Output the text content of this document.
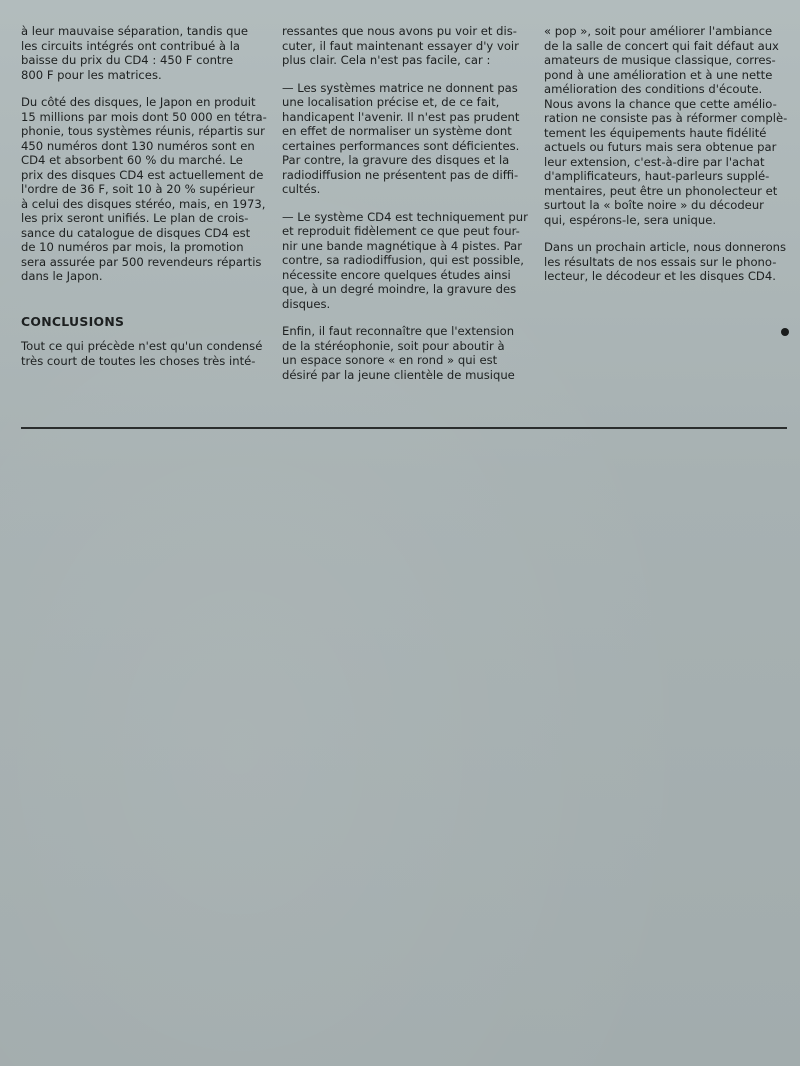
à leur mauvaise séparation, tandis que
les circuits intégrés ont contribué à la
baisse du prix du CD4 : 450 F contre
800 F pour les matrices.

Du côté des disques, le Japon en produit
15 millions par mois dont 50 000 en tétra-
phonie, tous systèmes réunis, répartis sur
450 numéros dont 130 numéros sont en
CD4 et absorbent 60 % du marché. Le
prix des disques CD4 est actuellement de
l'ordre de 36 F, soit 10 à 20 % supérieur
à celui des disques stéréo, mais, en 1973,
les prix seront unifiés. Le plan de crois-
sance du catalogue de disques CD4 est
de 10 numéros par mois, la promotion
sera assurée par 500 revendeurs répartis
dans le Japon.

CONCLUSIONS

Tout ce qui précède n'est qu'un condensé
très court de toutes les choses très inté-

ressantes que nous avons pu voir et dis-
cuter, il faut maintenant essayer d'y voir
plus clair. Cela n'est pas facile, car :

— Les systèmes matrice ne donnent pas
une localisation précise et, de ce fait,
handicapent l'avenir. Il n'est pas prudent
en effet de normaliser un système dont
certaines performances sont déficientes.
Par contre, la gravure des disques et la
radiodiffusion ne présentent pas de diffi-
cultés.

— Le système CD4 est techniquement pur
et reproduit fidèlement ce que peut four-
nir une bande magnétique à 4 pistes. Par
contre, sa radiodiffusion, qui est possible,
nécessite encore quelques études ainsi
que, à un degré moindre, la gravure des
disques.

Enfin, il faut reconnaître que l'extension
de la stéréophonie, soit pour aboutir à
un espace sonore « en rond » qui est
désiré par la jeune clientèle de musique

« pop », soit pour améliorer l'ambiance
de la salle de concert qui fait défaut aux
amateurs de musique classique, corres-
pond à une amélioration et à une nette
amélioration des conditions d'écoute.
Nous avons la chance que cette amélio-
ration ne consiste pas à réformer complè-
tement les équipements haute fidélité
actuels ou futurs mais sera obtenue par
leur extension, c'est-à-dire par l'achat
d'amplificateurs, haut-parleurs supplé-
mentaires, peut être un phonolecteur et
surtout la « boîte noire » du décodeur
qui, espérons-le, sera unique.

Dans un prochain article, nous donnerons
les résultats de nos essais sur le phono-
lecteur, le décodeur et les disques CD4.
